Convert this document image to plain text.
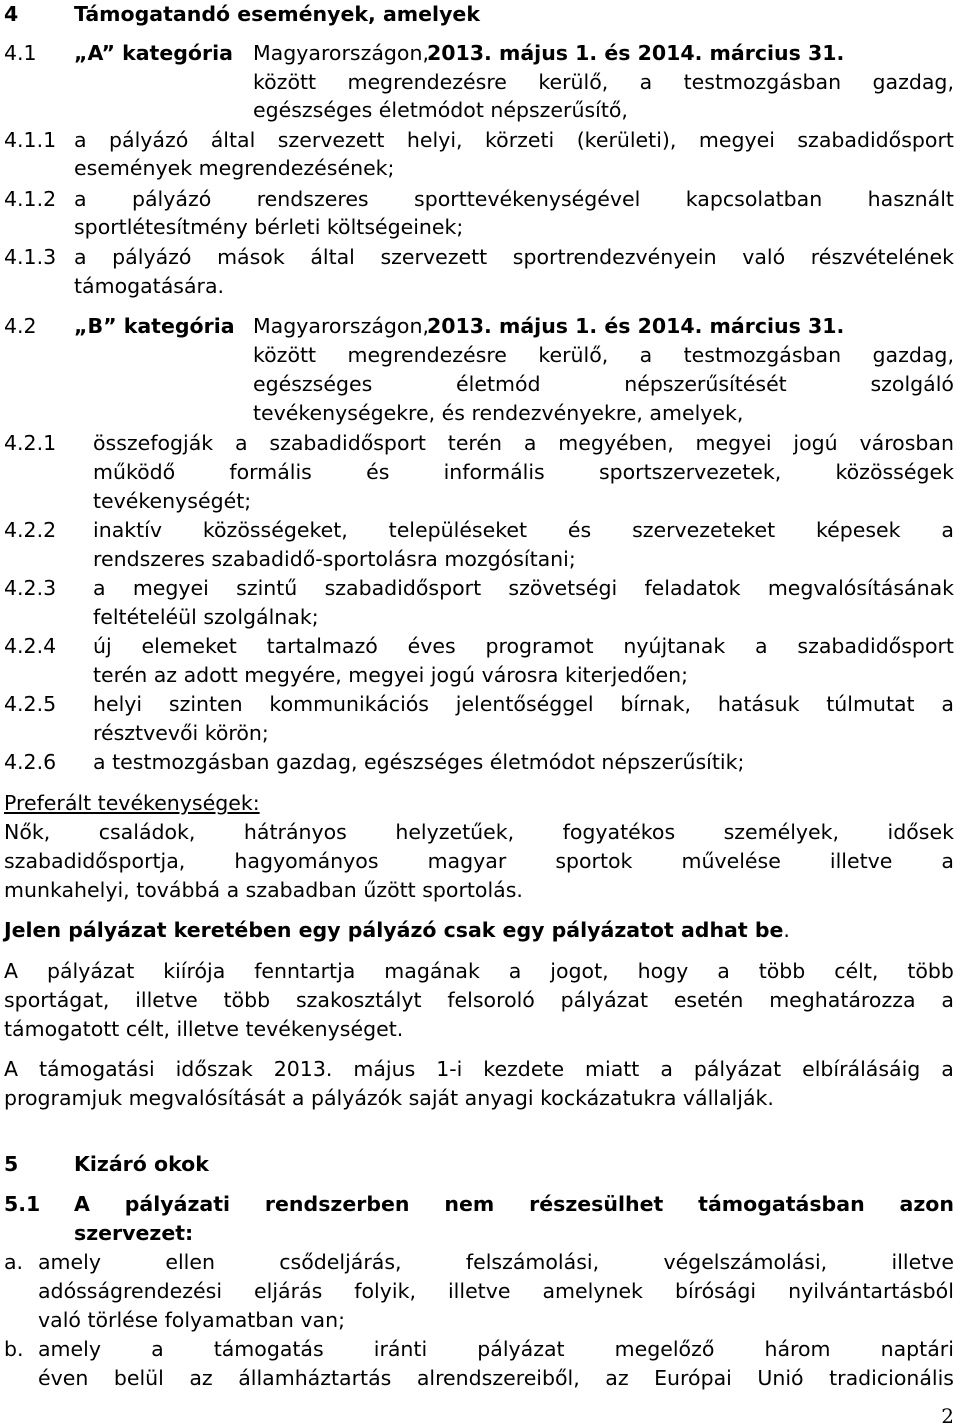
4	Támogatandó események, amelyek
4.1 „A” kategória Magyarországon,
2013. május 1. és 2014. március 31.
között megrendezésre kerülő, a testmozgásban gazdag,
egészséges életmódot népszerűsítő,
4.1.1 a pályázó által szervezett helyi, körzeti (kerületi), megyei szabadidősport
események megrendezésének;
4.1.2 a pályázó rendszeres sporttevékenységével kapcsolatban használt
sportlétesítmény bérleti költségeinek;
4.1.3 a pályázó mások által szervezett sportrendezvényein való részvételének
támogatására.
4.2 „B” kategória Magyarországon,
2013. május 1. és 2014. március 31.
között megrendezésre kerülő, a testmozgásban gazdag,
egészséges	életmód	népszerűsítését	szolgáló
tevékenységekre, és rendezvényekre, amelyek,
4.2.1 összefogják a szabadidősport terén a megyében, megyei jogú városban
működő	formális	és	informális	sportszervezetek,	közösségek
tevékenységét;
4.2.2 inaktív közösségeket, településeket és szervezeteket képesek a
rendszeres szabadidő-sportolásra mozgósítani;
4.2.3 a megyei szintű szabadidősport szövetségi feladatok megvalósításának
feltételéül szolgálnak;
4.2.4 új elemeket tartalmazó éves programot nyújtanak a szabadidősport
terén az adott megyére, megyei jogú városra kiterjedően;
4.2.5 helyi szinten kommunikációs jelentőséggel bírnak, hatásuk túlmutat a
résztvevői körön;
4.2.6 a testmozgásban gazdag, egészséges életmódot népszerűsítik;
Preferált tevékenységek:
Nők, családok, hátrányos helyzetűek, fogyatékos személyek, idősek
szabadidősportja, hagyományos magyar sportok művelése illetve a
munkahelyi, továbbá a szabadban űzött sportolás.
Jelen pályázat keretében egy pályázó csak egy pályázatot adhat be.
A pályázat kiírója fenntartja magának a jogot, hogy a több célt, több
sportágat, illetve több szakosztályt felsoroló pályázat esetén meghatározza a
támogatott célt, illetve tevékenységet.
A támogatási időszak 2013. május 1-i kezdete miatt a pályázat elbírálásáig a
programjuk megvalósítását a pályázók saját anyagi kockázatukra vállalják.
5	Kizáró okok
5.1 A pályázati rendszerben nem részesülhet támogatásban azon
szervezet:
a. amely	ellen	csődeljárás,	felszámolási,	végelszámolási,	illetve
adósságrendezési eljárás folyik, illetve amelynek bírósági nyilvántartásból
való törlése folyamatban van;
b. amely a támogatás iránti pályázat megelőző három naptári
éven belül az államháztartás alrendszereiből, az Európai Unió tradicionális
2
